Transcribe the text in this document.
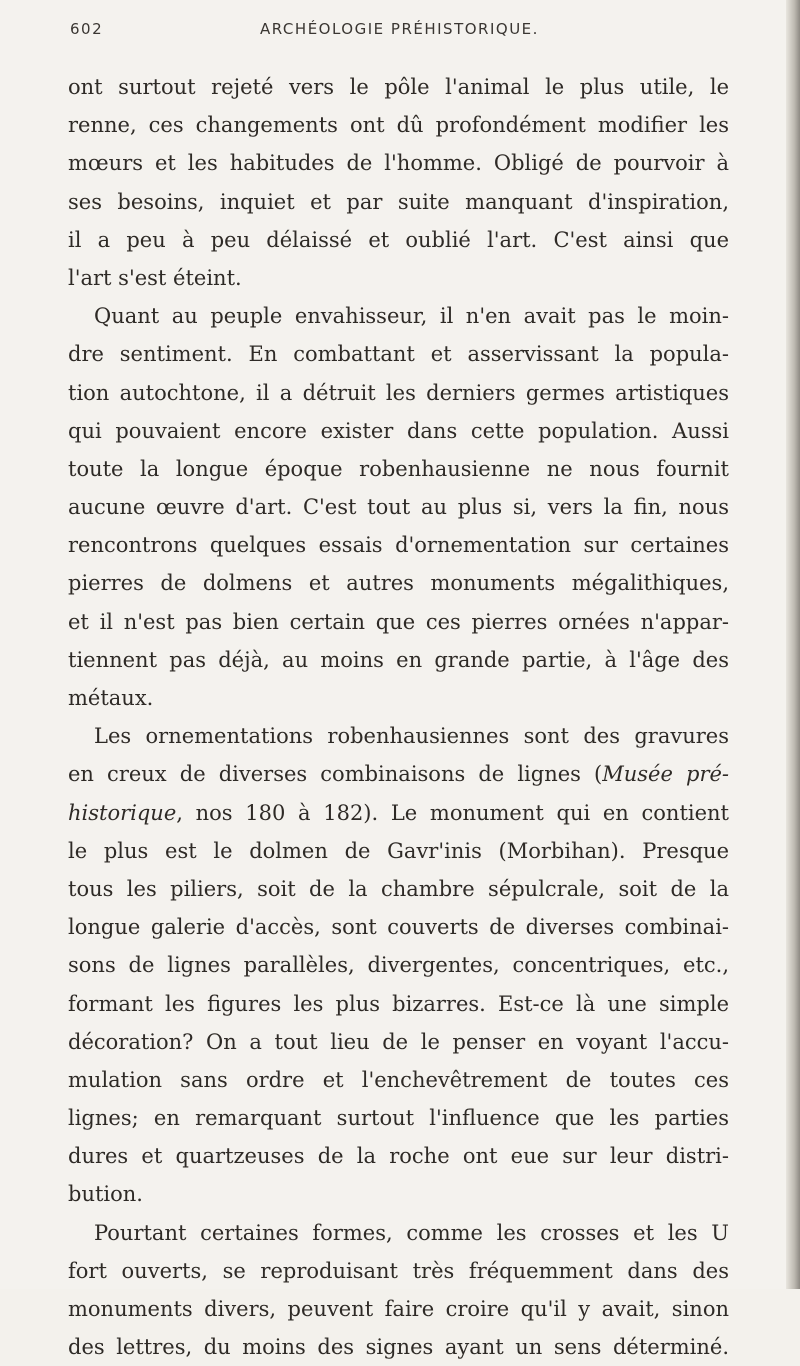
602	ARCHÉOLOGIE PRÉHISTORIQUE.
ont surtout rejeté vers le pôle l'animal le plus utile, le
renne, ces changements ont dû profondément modifier les
mœurs et les habitudes de l'homme. Obligé de pourvoir à
ses besoins, inquiet et par suite manquant d'inspiration,
il a peu à peu délaissé et oublié l'art. C'est ainsi que
l'art s'est éteint.
Quant au peuple envahisseur, il n'en avait pas le moin-
dre sentiment. En combattant et asservissant la popula-
tion autochtone, il a détruit les derniers germes artistiques
qui pouvaient encore exister dans cette population. Aussi
toute la longue époque robenhausienne ne nous fournit
aucune œuvre d'art. C'est tout au plus si, vers la fin, nous
rencontrons quelques essais d'ornementation sur certaines
pierres de dolmens et autres monuments mégalithiques,
et il n'est pas bien certain que ces pierres ornées n'appar-
tiennent pas déjà, au moins en grande partie, à l'âge des
métaux.
Les ornementations robenhausiennes sont des gravures
en creux de diverses combinaisons de lignes (Musée pré-
historique, nos 180 à 182). Le monument qui en contient
le plus est le dolmen de Gavr'inis (Morbihan). Presque
tous les piliers, soit de la chambre sépulcrale, soit de la
longue galerie d'accès, sont couverts de diverses combinai-
sons de lignes parallèles, divergentes, concentriques, etc.,
formant les figures les plus bizarres. Est-ce là une simple
décoration? On a tout lieu de le penser en voyant l'accu-
mulation sans ordre et l'enchevêtrement de toutes ces
lignes; en remarquant surtout l'influence que les parties
dures et quartzeuses de la roche ont eue sur leur distri-
bution.
Pourtant certaines formes, comme les crosses et les U
fort ouverts, se reproduisant très fréquemment dans des
monuments divers, peuvent faire croire qu'il y avait, sinon
des lettres, du moins des signes ayant un sens déterminé.
